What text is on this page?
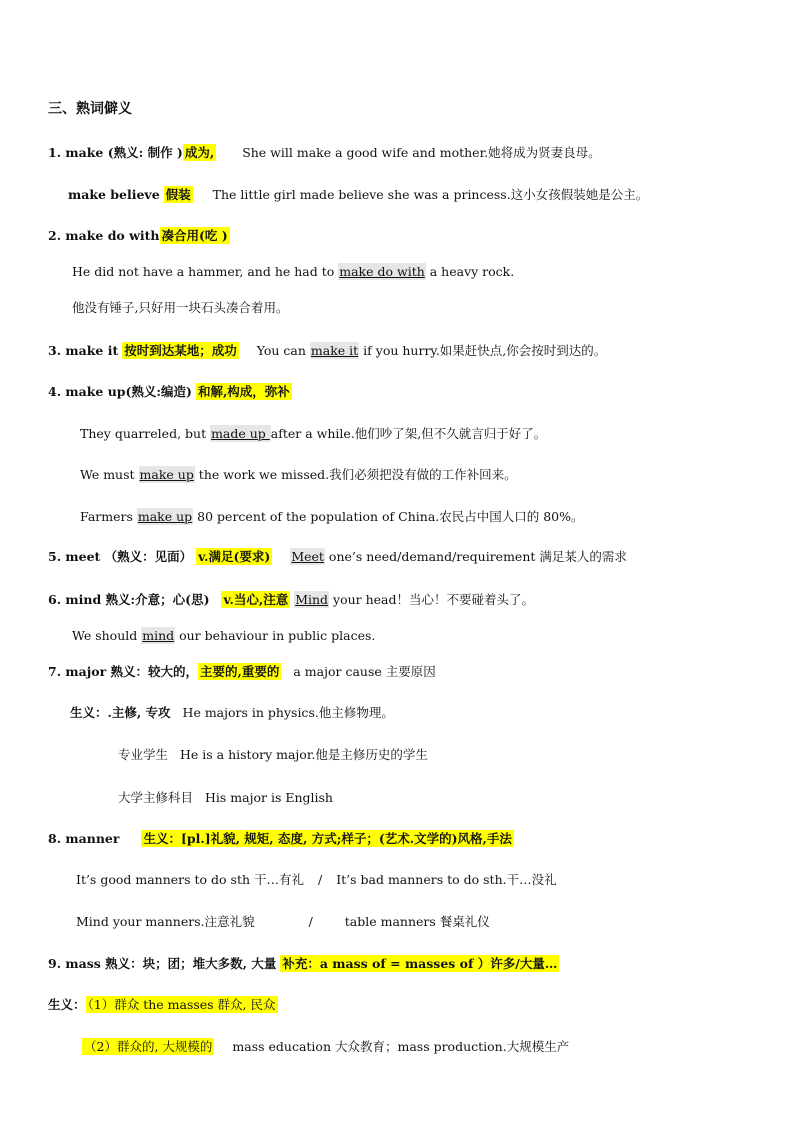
三、熟词僻义
1. make (熟义: 制作 ) 成为, She will make a good wife and mother.她将成为贤妻良母。
make believe 假装 The little girl made believe she was a princess.这小女孩假装她是公主。
2. make do with 凑合用(吃 )
He did not have a hammer, and he had to make do with a heavy rock.
他没有锤子,只好用一块石头凑合着用。
3. make it 按时到达某地；成功 You can make it if you hurry.如果赶快点,你会按时到达的。
4. make up(熟义:编造) 和解,构成，弥补
They quarreled, but made up after a while.他们吵了架,但不久就言归于好了。
We must make up the work we missed.我们必须把没有做的工作补回来。
Farmers make up 80 percent of the population of China.农民占中国人口的 80%。
5. meet （熟义：见面） v.满足(要求) Meet one’s need/demand/requirement 满足某人的需求
6. mind 熟义:介意；心(思) v.当心,注意 Mind your head！当心！不要碰着头了。
We should mind our behaviour in public places.
7. major 熟义：较大的， 主要的,重要的 a major cause 主要原因
生义：.主修, 专攻 He majors in physics.他主修物理。
专业学生 He is a history major.他是主修历史的学生
大学主修科目 His major is English
8. manner 生义：[pl.]礼貌, 规矩, 态度, 方式;样子；(艺术.文学的)风格,手法
It’s good manners to do sth 干…有礼 / It’s bad manners to do sth.干…没礼
Mind your manners.注意礼貌	/	table manners 餐桌礼仪
9. mass 熟义：块；团；堆大多数, 大量 补充：a mass of = masses of ）许多/大量…
生义： （1）群众 the masses 群众, 民众
（2）群众的, 大规模的 mass education 大众教育；mass production.大规模生产
